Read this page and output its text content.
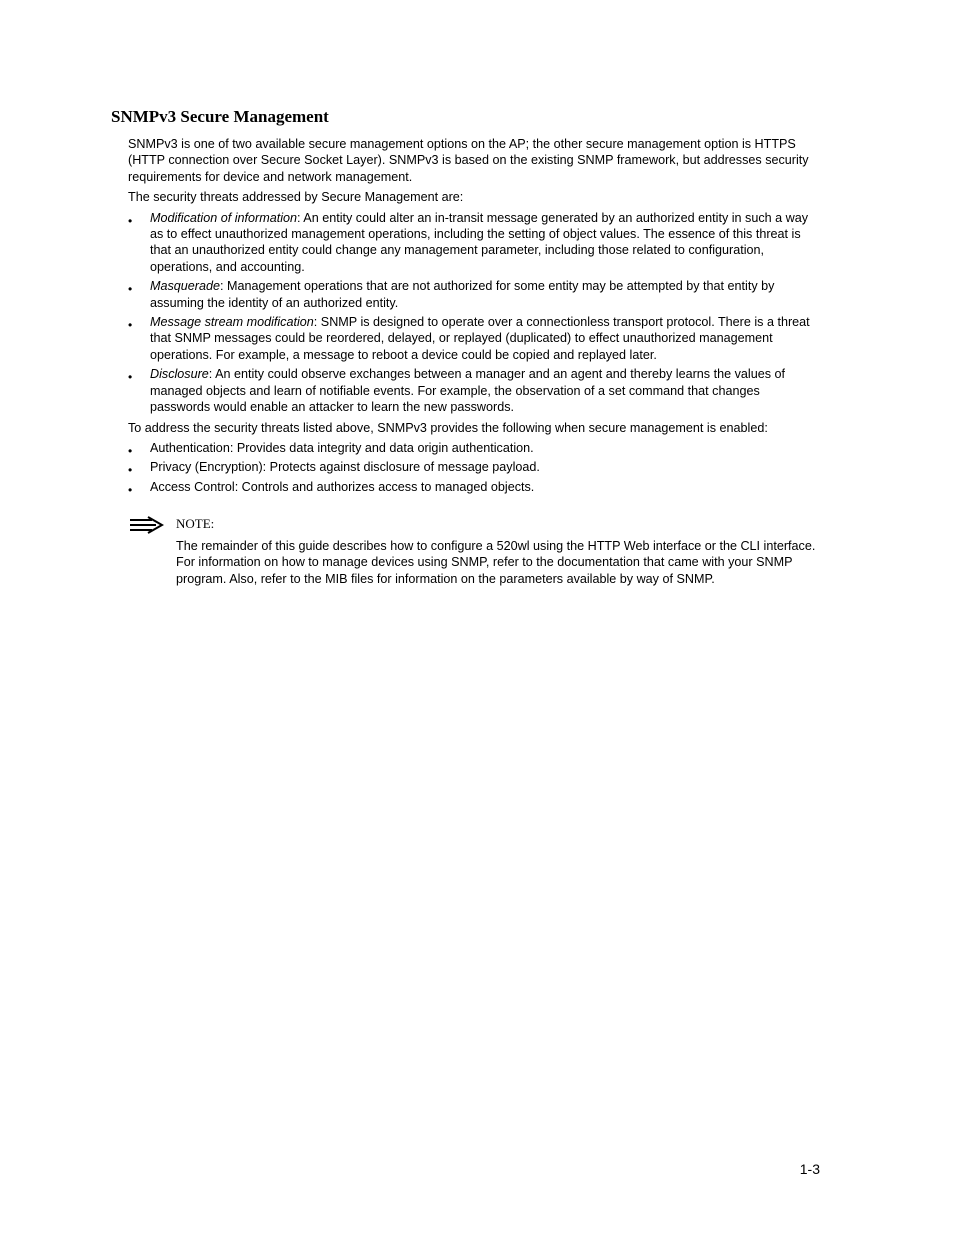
SNMPv3 Secure Management

SNMPv3 is one of two available secure management options on the AP; the other secure management option is HTTPS (HTTP connection over Secure Socket Layer). SNMPv3 is based on the existing SNMP framework, but addresses security requirements for device and network management.

The security threats addressed by Secure Management are:

• Modification of information: An entity could alter an in-transit message generated by an authorized entity in such a way as to effect unauthorized management operations, including the setting of object values. The essence of this threat is that an unauthorized entity could change any management parameter, including those related to configuration, operations, and accounting.
• Masquerade: Management operations that are not authorized for some entity may be attempted by that entity by assuming the identity of an authorized entity.
• Message stream modification: SNMP is designed to operate over a connectionless transport protocol. There is a threat that SNMP messages could be reordered, delayed, or replayed (duplicated) to effect unauthorized management operations. For example, a message to reboot a device could be copied and replayed later.
• Disclosure: An entity could observe exchanges between a manager and an agent and thereby learns the values of managed objects and learn of notifiable events. For example, the observation of a set command that changes passwords would enable an attacker to learn the new passwords.

To address the security threats listed above, SNMPv3 provides the following when secure management is enabled:

• Authentication: Provides data integrity and data origin authentication.
• Privacy (Encryption): Protects against disclosure of message payload.
• Access Control: Controls and authorizes access to managed objects.
NOTE:
The remainder of this guide describes how to configure a 520wl using the HTTP Web interface or the CLI interface. For information on how to manage devices using SNMP, refer to the documentation that came with your SNMP program. Also, refer to the MIB files for information on the parameters available by way of SNMP.
1-3
